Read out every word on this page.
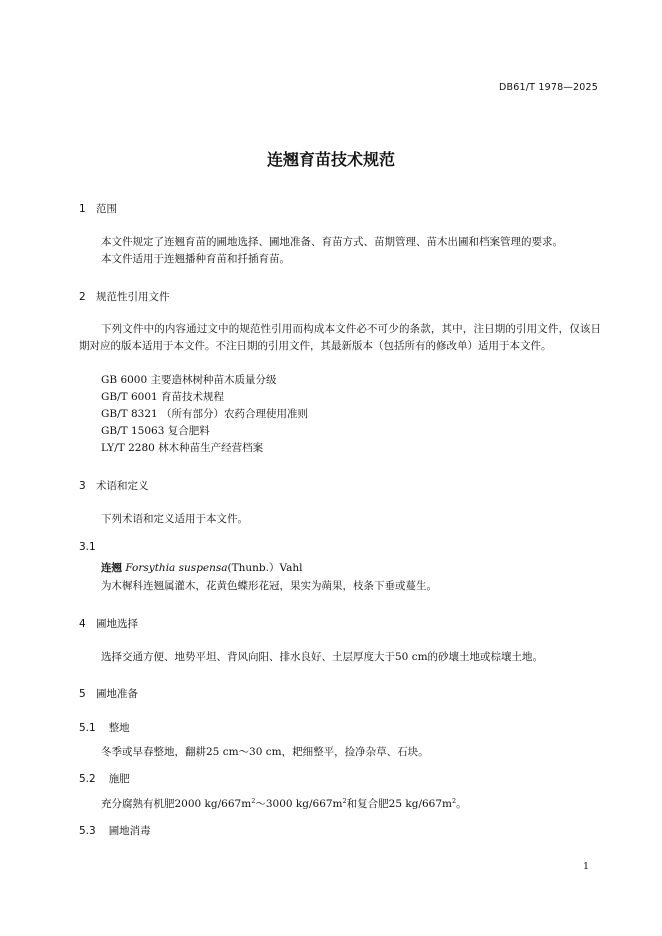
DB61/T 1978—2025
连翘育苗技术规范
1 范围
本文件规定了连翘育苗的圃地选择、圃地准备、育苗方式、苗期管理、苗木出圃和档案管理的要求。
本文件适用于连翘播种育苗和扦插育苗。
2 规范性引用文件
下列文件中的内容通过文中的规范性引用而构成本文件必不可少的条款，其中，注日期的引用文件，仅该日期对应的版本适用于本文件。不注日期的引用文件，其最新版本（包括所有的修改单）适用于本文件。
GB 6000 主要造林树种苗木质量分级
GB/T 6001 育苗技术规程
GB/T 8321 （所有部分）农药合理使用准则
GB/T 15063 复合肥料
LY/T 2280 林木种苗生产经营档案
3 术语和定义
下列术语和定义适用于本文件。
3.1
连翘 Forsythia suspensa(Thunb.）Vahl
为木樨科连翘属灌木，花黄色蝶形花冠，果实为蒴果，枝条下垂或蔓生。
4 圃地选择
选择交通方便、地势平坦、背风向阳、排水良好、土层厚度大于50 cm的砂壤土地或棕壤土地。
5 圃地准备
5.1 整地
冬季或早春整地，翻耕25 cm～30 cm，耙细整平，捡净杂草、石块。
5.2 施肥
充分腐熟有机肥2000 $kg/667m^2\sim 3000$ $kg/667m^2$和复合肥25 $kg/667m^2$。
5.3 圃地消毒
1
